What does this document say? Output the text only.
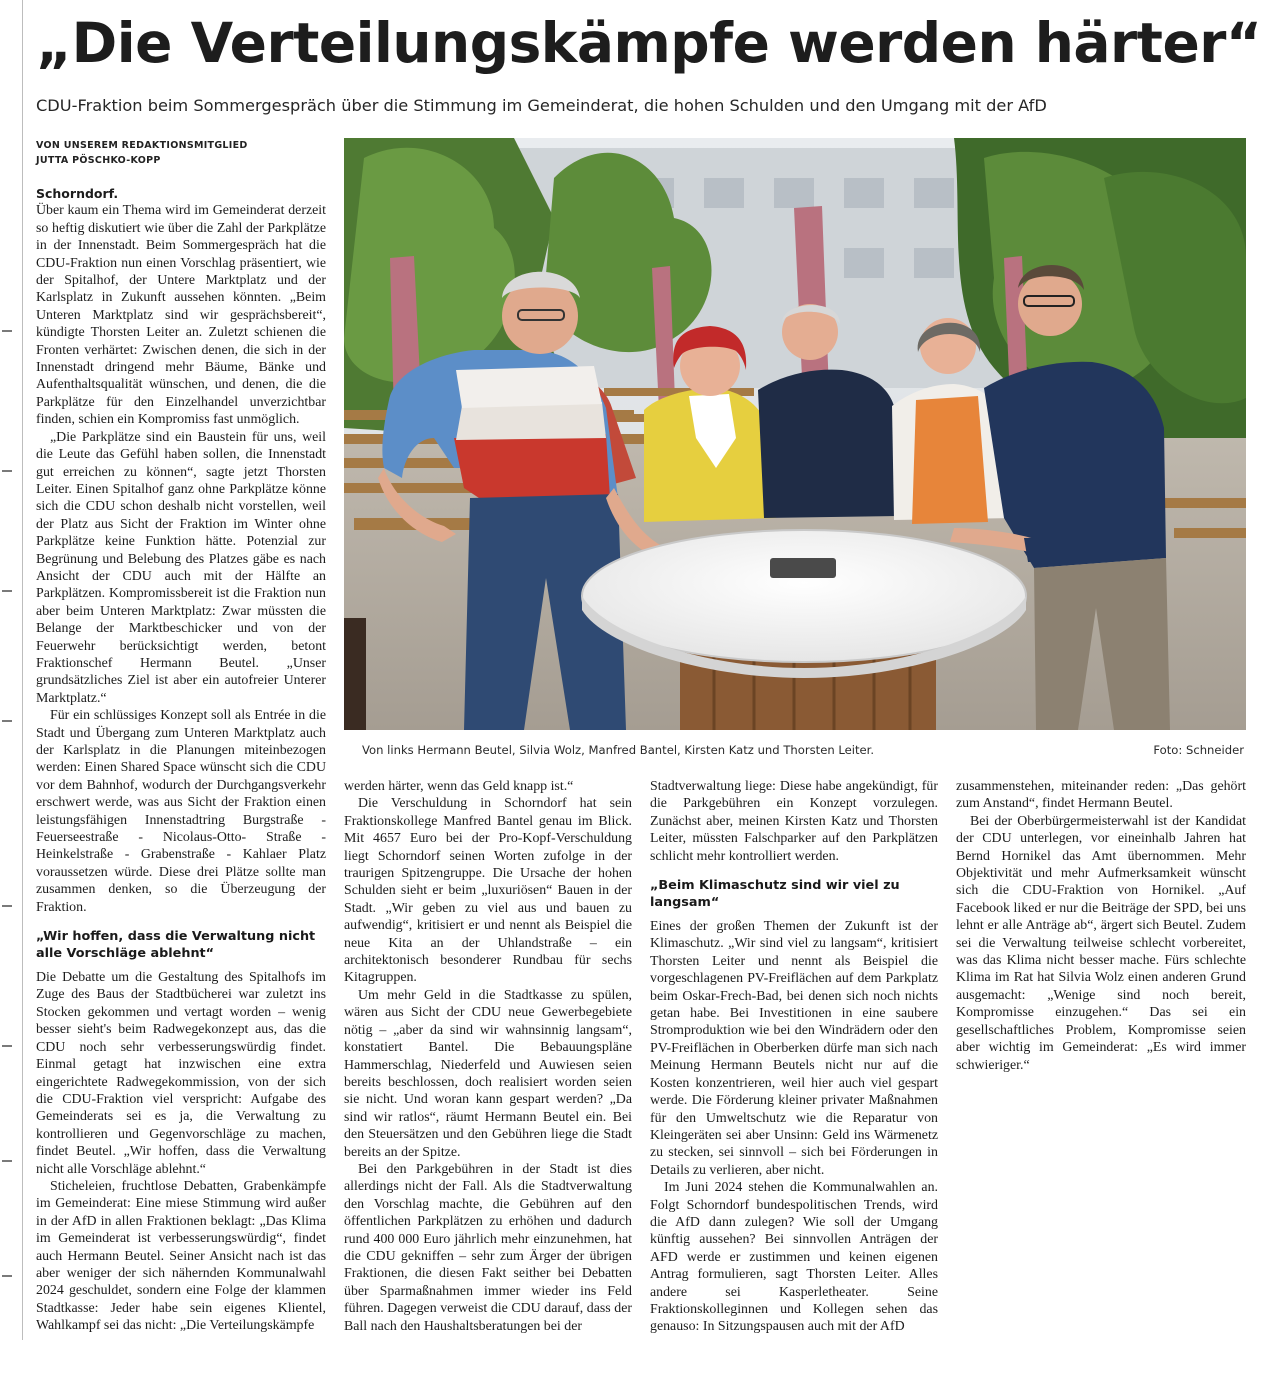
„Die Verteilungskämpfe werden härter“
CDU-Fraktion beim Sommergespräch über die Stimmung im Gemeinderat, die hohen Schulden und den Umgang mit der AfD
VON UNSEREM REDAKTIONSMITGLIED
JUTTA PÖSCHKO-KOPP
Von links Hermann Beutel, Silvia Wolz, Manfred Bantel, Kirsten Katz und Thorsten Leiter.	Foto: Schneider

Schorndorf.

Über kaum ein Thema wird im Gemeinderat derzeit so heftig diskutiert wie über die Zahl der Parkplätze in der Innenstadt. Beim Sommergespräch hat die CDU-Fraktion nun einen Vorschlag präsentiert, wie der Spitalhof, der Untere Marktplatz und der Karlsplatz in Zukunft aussehen könnten. „Beim Unteren Marktplatz sind wir gesprächsbereit“, kündigte Thorsten Leiter an. Zuletzt schienen die Fronten verhärtet: Zwischen denen, die sich in der Innenstadt dringend mehr Bäume, Bänke und Aufenthaltsqualität wünschen, und denen, die die Parkplätze für den Einzelhandel unverzichtbar finden, schien ein Kompromiss fast unmöglich.

„Die Parkplätze sind ein Baustein für uns, weil die Leute das Gefühl haben sollen, die Innenstadt gut erreichen zu können“, sagte jetzt Thorsten Leiter. Einen Spitalhof ganz ohne Parkplätze könne sich die CDU schon deshalb nicht vorstellen, weil der Platz aus Sicht der Fraktion im Winter ohne Parkplätze keine Funktion hätte. Potenzial zur Begrünung und Belebung des Platzes gäbe es nach Ansicht der CDU auch mit der Hälfte an Parkplätzen. Kompromissbereit ist die Fraktion nun aber beim Unteren Marktplatz: Zwar müssten die Belange der Marktbeschicker und von der Feuerwehr berücksichtigt werden, betont Fraktionschef Hermann Beutel. „Unser grundsätzliches Ziel ist aber ein autofreier Unterer Marktplatz.“

Für ein schlüssiges Konzept soll als Entrée in die Stadt und Übergang zum Unteren Marktplatz auch der Karlsplatz in die Planungen miteinbezogen werden: Einen Shared Space wünscht sich die CDU vor dem Bahnhof, wodurch der Durchgangsverkehr erschwert werde, was aus Sicht der Fraktion einen leistungsfähigen Innenstadtring Burgstraße - Feuerseestraße - Nicolaus-Otto- Straße - Heinkelstraße - Grabenstraße - Kahlaer Platz voraussetzen würde. Diese drei Plätze sollte man zusammen denken, so die Überzeugung der Fraktion.

„Wir hoffen, dass die Verwaltung nicht alle Vorschläge ablehnt“

Die Debatte um die Gestaltung des Spitalhofs im Zuge des Baus der Stadtbücherei war zuletzt ins Stocken gekommen und vertagt worden – wenig besser sieht's beim Radwegekonzept aus, das die CDU noch sehr verbesserungswürdig findet. Einmal getagt hat inzwischen eine extra eingerichtete Radwegekommission, von der sich die CDU-Fraktion viel verspricht: Aufgabe des Gemeinderats sei es ja, die Verwaltung zu kontrollieren und Gegenvorschläge zu machen, findet Beutel. „Wir hoffen, dass die Verwaltung nicht alle Vorschläge ablehnt.“

Sticheleien, fruchtlose Debatten, Grabenkämpfe im Gemeinderat: Eine miese Stimmung wird außer in der AfD in allen Fraktionen beklagt: „Das Klima im Gemeinderat ist verbesserungswürdig“, findet auch Hermann Beutel. Seiner Ansicht nach ist das aber weniger der sich nähernden Kommunalwahl 2024 geschuldet, sondern eine Folge der klammen Stadtkasse: Jeder habe sein eigenes Klientel, Wahlkampf sei das nicht: „Die Verteilungskämpfe

werden härter, wenn das Geld knapp ist.“

Die Verschuldung in Schorndorf hat sein Fraktionskollege Manfred Bantel genau im Blick. Mit 4657 Euro bei der Pro-Kopf-Verschuldung liegt Schorndorf seinen Worten zufolge in der traurigen Spitzengruppe. Die Ursache der hohen Schulden sieht er beim „luxuriösen“ Bauen in der Stadt. „Wir geben zu viel aus und bauen zu aufwendig“, kritisiert er und nennt als Beispiel die neue Kita an der Uhlandstraße – ein architektonisch besonderer Rundbau für sechs Kitagruppen.

Um mehr Geld in die Stadtkasse zu spülen, wären aus Sicht der CDU neue Gewerbegebiete nötig – „aber da sind wir wahnsinnig langsam“, konstatiert Bantel. Die Bebauungspläne Hammerschlag, Niederfeld und Auwiesen seien bereits beschlossen, doch realisiert worden seien sie nicht. Und woran kann gespart werden? „Da sind wir ratlos“, räumt Hermann Beutel ein. Bei den Steuersätzen und den Gebühren liege die Stadt bereits an der Spitze.

Bei den Parkgebühren in der Stadt ist dies allerdings nicht der Fall. Als die Stadtverwaltung den Vorschlag machte, die Gebühren auf den öffentlichen Parkplätzen zu erhöhen und dadurch rund 400 000 Euro jährlich mehr einzunehmen, hat die CDU gekniffen – sehr zum Ärger der übrigen Fraktionen, die diesen Fakt seither bei Debatten über Sparmaßnahmen immer wieder ins Feld führen. Dagegen verweist die CDU darauf, dass der Ball nach den Haushaltsberatungen bei der

Stadtverwaltung liege: Diese habe angekündigt, für die Parkgebühren ein Konzept vorzulegen. Zunächst aber, meinen Kirsten Katz und Thorsten Leiter, müssten Falschparker auf den Parkplätzen schlicht mehr kontrolliert werden.

„Beim Klimaschutz sind wir viel zu langsam“

Eines der großen Themen der Zukunft ist der Klimaschutz. „Wir sind viel zu langsam“, kritisiert Thorsten Leiter und nennt als Beispiel die vorgeschlagenen PV-Freiflächen auf dem Parkplatz beim Oskar-Frech-Bad, bei denen sich noch nichts getan habe. Bei Investitionen in eine saubere Stromproduktion wie bei den Windrädern oder den PV-Freiflächen in Oberberken dürfe man sich nach Meinung Hermann Beutels nicht nur auf die Kosten konzentrieren, weil hier auch viel gespart werde. Die Förderung kleiner privater Maßnahmen für den Umweltschutz wie die Reparatur von Kleingeräten sei aber Unsinn: Geld ins Wärmenetz zu stecken, sei sinnvoll – sich bei Förderungen in Details zu verlieren, aber nicht.

Im Juni 2024 stehen die Kommunalwahlen an. Folgt Schorndorf bundespolitischen Trends, wird die AfD dann zulegen? Wie soll der Umgang künftig aussehen? Bei sinnvollen Anträgen der AFD werde er zustimmen und keinen eigenen Antrag formulieren, sagt Thorsten Leiter. Alles andere sei Kasperletheater. Seine Fraktionskolleginnen und Kollegen sehen das genauso: In Sitzungspausen auch mit der AfD

zusammenstehen, miteinander reden: „Das gehört zum Anstand“, findet Hermann Beutel.

Bei der Oberbürgermeisterwahl ist der Kandidat der CDU unterlegen, vor eineinhalb Jahren hat Bernd Hornikel das Amt übernommen. Mehr Objektivität und mehr Aufmerksamkeit wünscht sich die CDU-Fraktion von Hornikel. „Auf Facebook liked er nur die Beiträge der SPD, bei uns lehnt er alle Anträge ab“, ärgert sich Beutel. Zudem sei die Verwaltung teilweise schlecht vorbereitet, was das Klima nicht besser mache. Fürs schlechte Klima im Rat hat Silvia Wolz einen anderen Grund ausgemacht: „Wenige sind noch bereit, Kompromisse einzugehen.“ Das sei ein gesellschaftliches Problem, Kompromisse seien aber wichtig im Gemeinderat: „Es wird immer schwieriger.“
